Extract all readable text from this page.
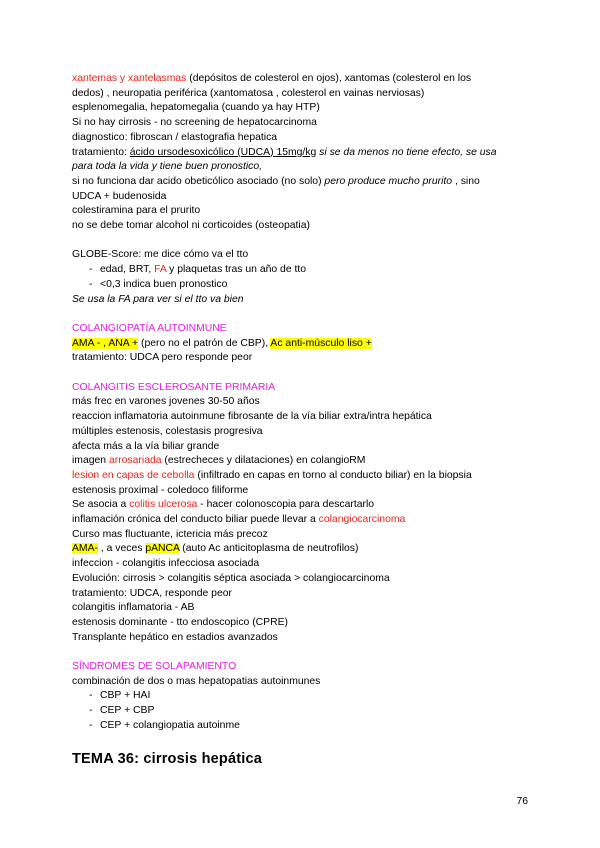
xantemas y xantelasmas (depósitos de colesterol en ojos), xantomas (colesterol en los
dedos) , neuropatia periférica (xantomatosa , colesterol en vainas nerviosas)
esplenomegalia, hepatomegalia (cuando ya hay HTP)
Si no hay cirrosis - no screening de hepatocarcinoma
diagnostico: fibroscan / elastografia hepatica
tratamiento: ácido ursodesoxicólico (UDCA) 15mg/kg si se da menos no tiene efecto, se usa
para toda la vida y tiene buen pronostico,
si no funciona dar acido obeticólico asociado (no solo) pero produce mucho prurito , sino
UDCA + budenosida
colestiramina para el prurito
no se debe tomar alcohol ni corticoides (osteopatia)
GLOBE-Score: me dice cómo va el tto
- edad, BRT, FA y plaquetas tras un año de tto
- <0,3 indica buen pronostico
Se usa la FA para ver si el tto va bien
COLANGIOPATÍA AUTOINMUNE
AMA - , ANA + (pero no el patrón de CBP), Ac anti-músculo liso +
tratamiento: UDCA pero responde peor
COLANGITIS ESCLEROSANTE PRIMARIA
más frec en varones jovenes 30-50 años
reaccion inflamatoria autoinmune fibrosante de la vía biliar extra/intra hepática
múltiples estenosis, colestasis progresiva
afecta más a la vía biliar grande
imagen arrosariada (estrecheces y dilataciones) en colangioRM
lesion en capas de cebolla (infiltrado en capas en torno al conducto biliar) en la biopsia
estenosis proximal - coledoco filiforme
Se asocia a colitis ulcerosa - hacer colonoscopia para descartarlo
inflamación crónica del conducto biliar puede llevar a colangiocarcinoma
Curso mas fluctuante, ictericia más precoz
AMA- , a veces pANCA (auto Ac anticitoplasma de neutrofilos)
infeccion - colangitis infecciosa asociada
Evolución: cirrosis > colangitis séptica asociada > colangiocarcinoma
tratamiento: UDCA, responde peor
colangitis inflamatoria - AB
estenosis dominante - tto endoscopico (CPRE)
Transplante hepático en estadios avanzados
SÍNDROMES DE SOLAPAMIENTO
combinación de dos o mas hepatopatias autoinmunes
- CBP + HAI
- CEP + CBP
- CEP + colangiopatia autoinme
TEMA 36: cirrosis hepática
76
